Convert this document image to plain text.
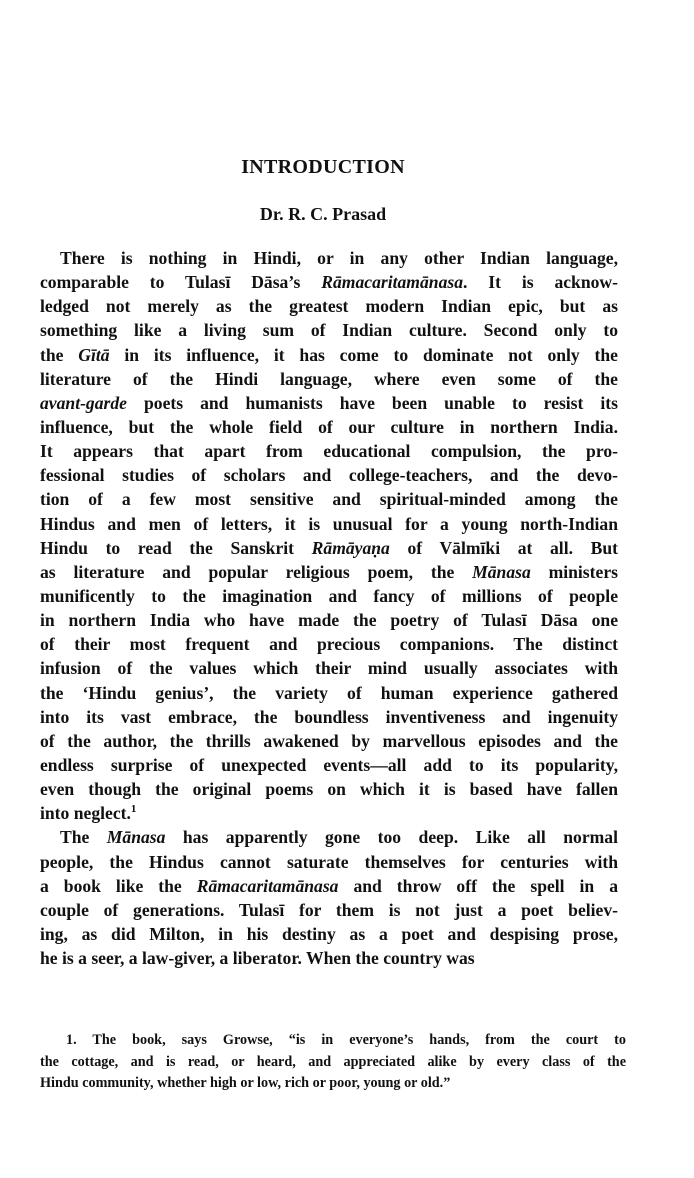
INTRODUCTION
Dr. R. C. Prasad
There is nothing in Hindi, or in any other Indian language,
comparable to Tulasī Dāsa’s Rāmacaritamānasa. It is acknow-
ledged not merely as the greatest modern Indian epic, but as
something like a living sum of Indian culture. Second only to
the Gītā in its influence, it has come to dominate not only the
literature of the Hindi language, where even some of the
avant-garde poets and humanists have been unable to resist its
influence, but the whole field of our culture in northern India.
It appears that apart from educational compulsion, the pro-
fessional studies of scholars and college-teachers, and the devo-
tion of a few most sensitive and spiritual-minded among the
Hindus and men of letters, it is unusual for a young north-Indian
Hindu to read the Sanskrit Rāmāyaṇa of Vālmīki at all. But
as literature and popular religious poem, the Mānasa ministers
munificently to the imagination and fancy of millions of people
in northern India who have made the poetry of Tulasī Dāsa one
of their most frequent and precious companions. The distinct
infusion of the values which their mind usually associates with
the ‘Hindu genius’, the variety of human experience gathered
into its vast embrace, the boundless inventiveness and ingenuity
of the author, the thrills awakened by marvellous episodes and the
endless surprise of unexpected events—all add to its popularity,
even though the original poems on which it is based have fallen
into neglect.$^1$
The Mānasa has apparently gone too deep. Like all normal
people, the Hindus cannot saturate themselves for centuries with
a book like the Rāmacaritamānasa and throw off the spell in a
couple of generations. Tulasī for them is not just a poet believ-
ing, as did Milton, in his destiny as a poet and despising prose,
he is a seer, a law-giver, a liberator. When the country was
1. The book, says Growse, “is in everyone’s hands, from the court to
the cottage, and is read, or heard, and appreciated alike by every class of the
Hindu community, whether high or low, rich or poor, young or old.”
